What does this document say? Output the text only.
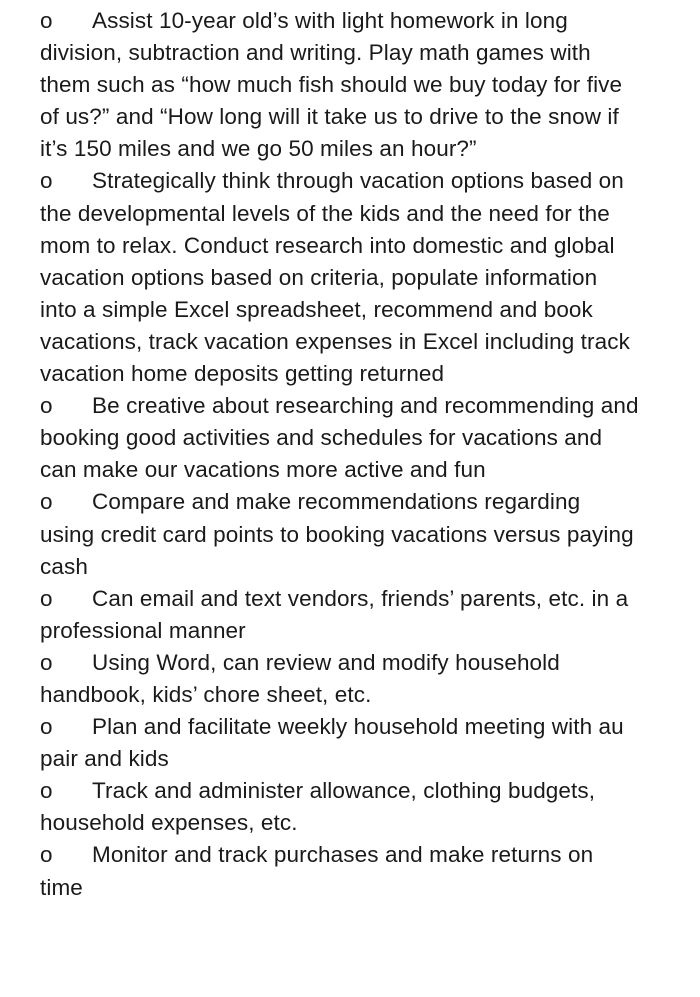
o Assist 10-year old’s with light homework in long division, subtraction and writing. Play math games with them such as “how much fish should we buy today for five of us?” and “How long will it take us to drive to the snow if it’s 150 miles and we go 50 miles an hour?”
o Strategically think through vacation options based on the developmental levels of the kids and the need for the mom to relax. Conduct research into domestic and global vacation options based on criteria, populate information into a simple Excel spreadsheet, recommend and book vacations, track vacation expenses in Excel including track vacation home deposits getting returned
o Be creative about researching and recommending and booking good activities and schedules for vacations and can make our vacations more active and fun
o Compare and make recommendations regarding using credit card points to booking vacations versus paying cash
o Can email and text vendors, friends’ parents, etc. in a professional manner
o Using Word, can review and modify household handbook, kids’ chore sheet, etc.
o Plan and facilitate weekly household meeting with au pair and kids
o Track and administer allowance, clothing budgets, household expenses, etc.
o Monitor and track purchases and make returns on time
